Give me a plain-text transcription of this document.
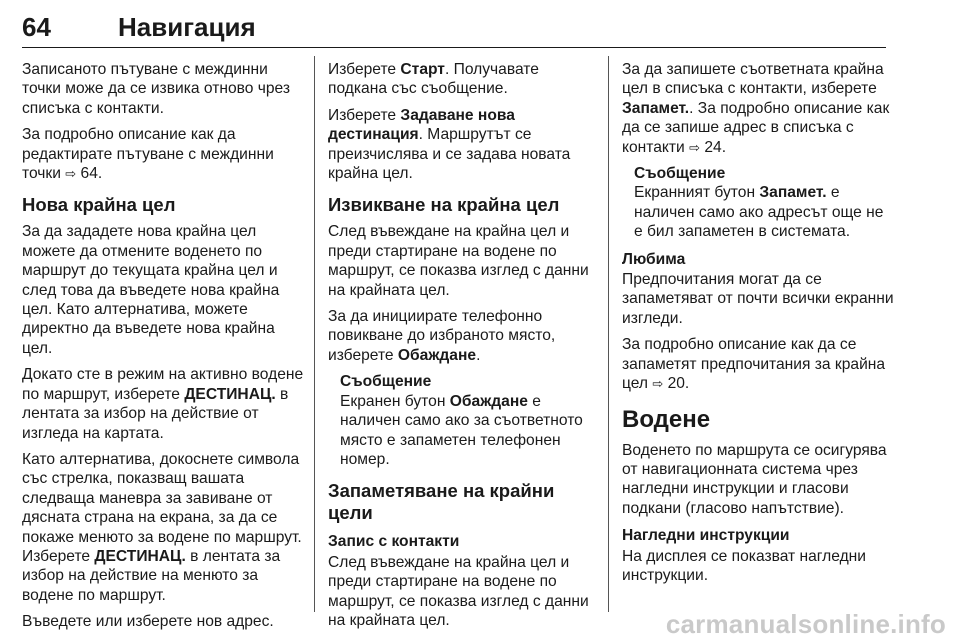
64	Навигация

Записаното пътуване с междинни точки може да се извика отново чрез списъка с контакти.

За подробно описание как да редактирате пътуване с междинни точки ⇨ 64.

Нова крайна цел

За да зададете нова крайна цел можете да отмените воденето по маршрут до текущата крайна цел и след това да въведете нова крайна цел. Като алтернатива, можете директно да въведете нова крайна цел.

Докато сте в режим на активно водене по маршрут, изберете ДЕСТИНАЦ. в лентата за избор на действие от изгледа на картата.

Като алтернатива, докоснете символа със стрелка, показващ вашата следващa маневра за завиване от дясната страна на екрана, за да се покаже менюто за водене по маршрут. Изберете ДЕСТИНАЦ. в лентата за избор на действие на менюто за водене по маршрут.

Въведете или изберете нов адрес.

Изберете Старт. Получавате подкана със съобщение.

Изберете Задаване нова дестинация. Маршрутът се преизчислява и се задава новата крайна цел.

Извикване на крайна цел

След въвеждане на крайна цел и преди стартиране на водене по маршрут, се показва изглед с данни на крайната цел.

За да инициирате телефонно повикване до избраното място, изберете Обаждане.

Съобщение
Екранен бутон Обаждане е наличен само ако за съответното място е запаметен телефонен номер.
Запаметяване на крайни цели
Запис с контакти

След въвеждане на крайна цел и преди стартиране на водене по маршрут, се показва изглед с данни на крайната цел.

За да запишете съответната крайна цел в списъка с контакти, изберете Запамет.. За подробно описание как да се запише адрес в списъка с контакти ⇨ 24.

Съобщение
Екранният бутон Запамет. е наличен само ако адресът още не е бил запаметен в системата.
Любима

Предпочитания могат да се запаметяват от почти всички екранни изгледи.

За подробно описание как да се запаметят предпочитания за крайна цел ⇨ 20.

Водене

Воденето по маршрута се осигурява от навигационната система чрез нагледни инструкции и гласови подкани (гласово напътствие).

Нагледни инструкции

На дисплея се показват нагледни инструкции.

carmanualsonline.info
